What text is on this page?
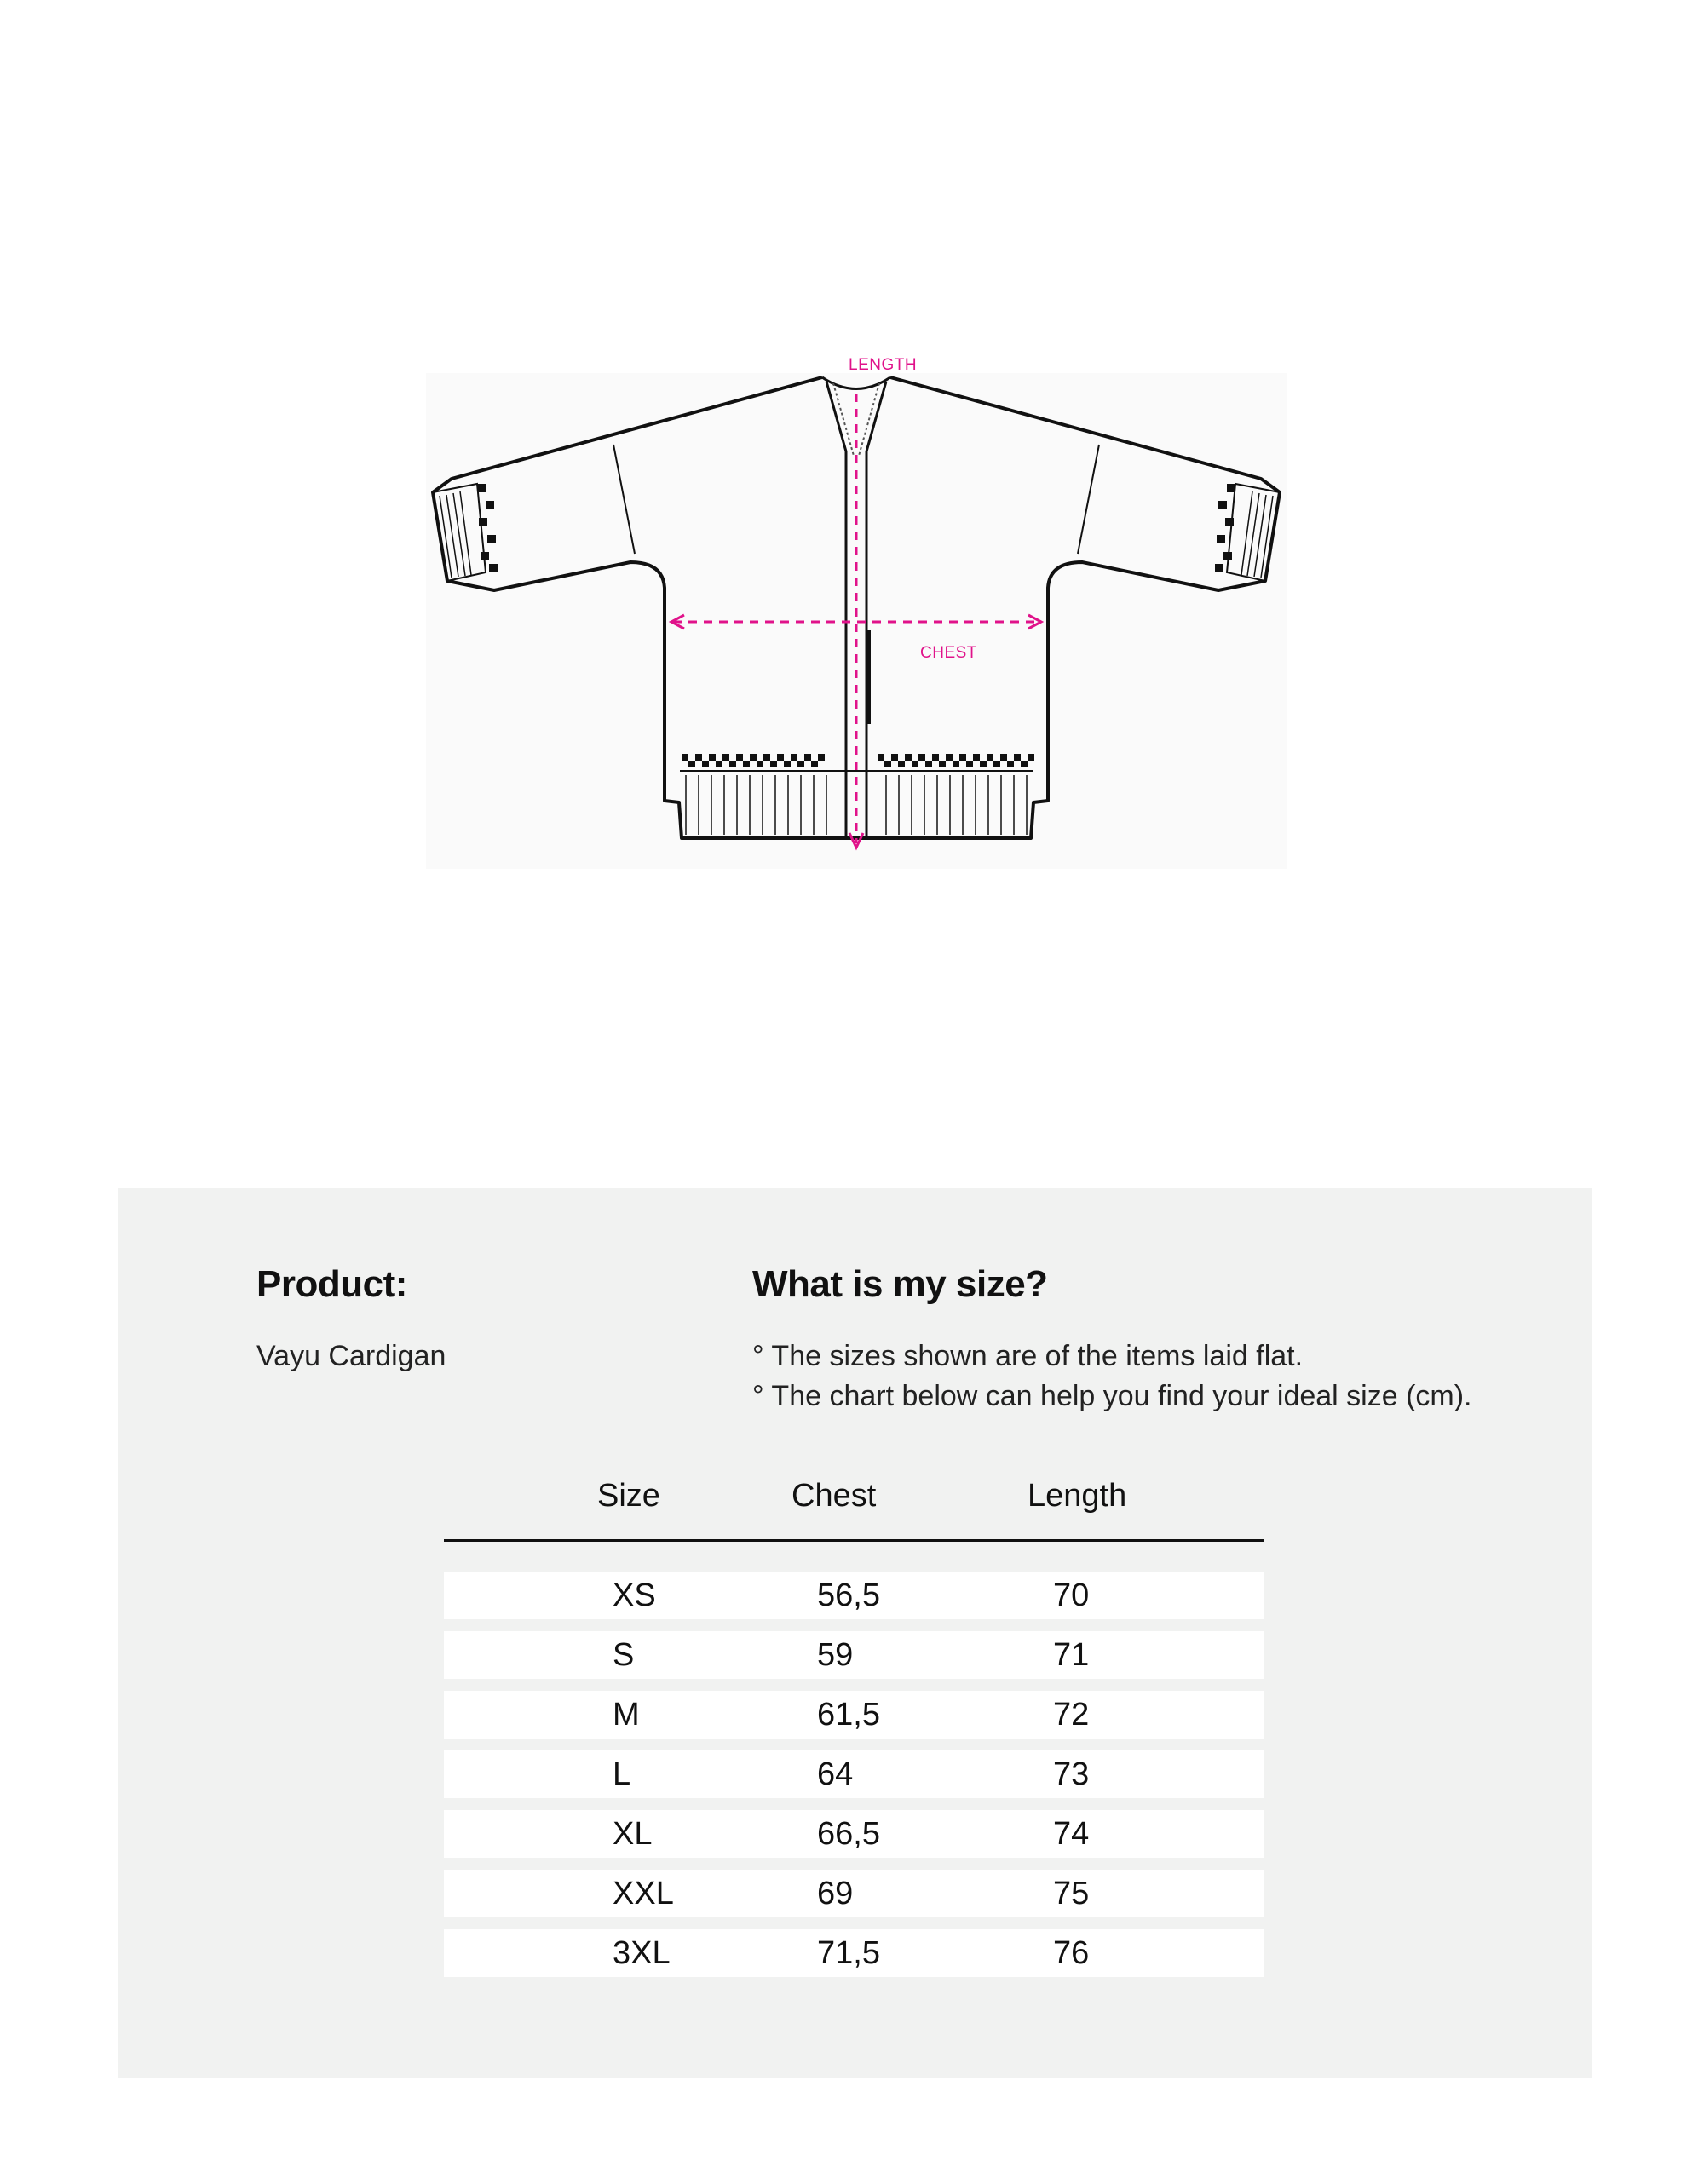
LENGTH
CHEST
Product:
Vayu Cardigan
What is my size?
° The sizes shown are of the items laid flat.
° The chart below can help you find your ideal size (cm).
Size	Chest	Length
XS	56,5	70
S	59	71
M	61,5	72
L	64	73
XL	66,5	74
XXL	69	75
3XL	71,5	76
